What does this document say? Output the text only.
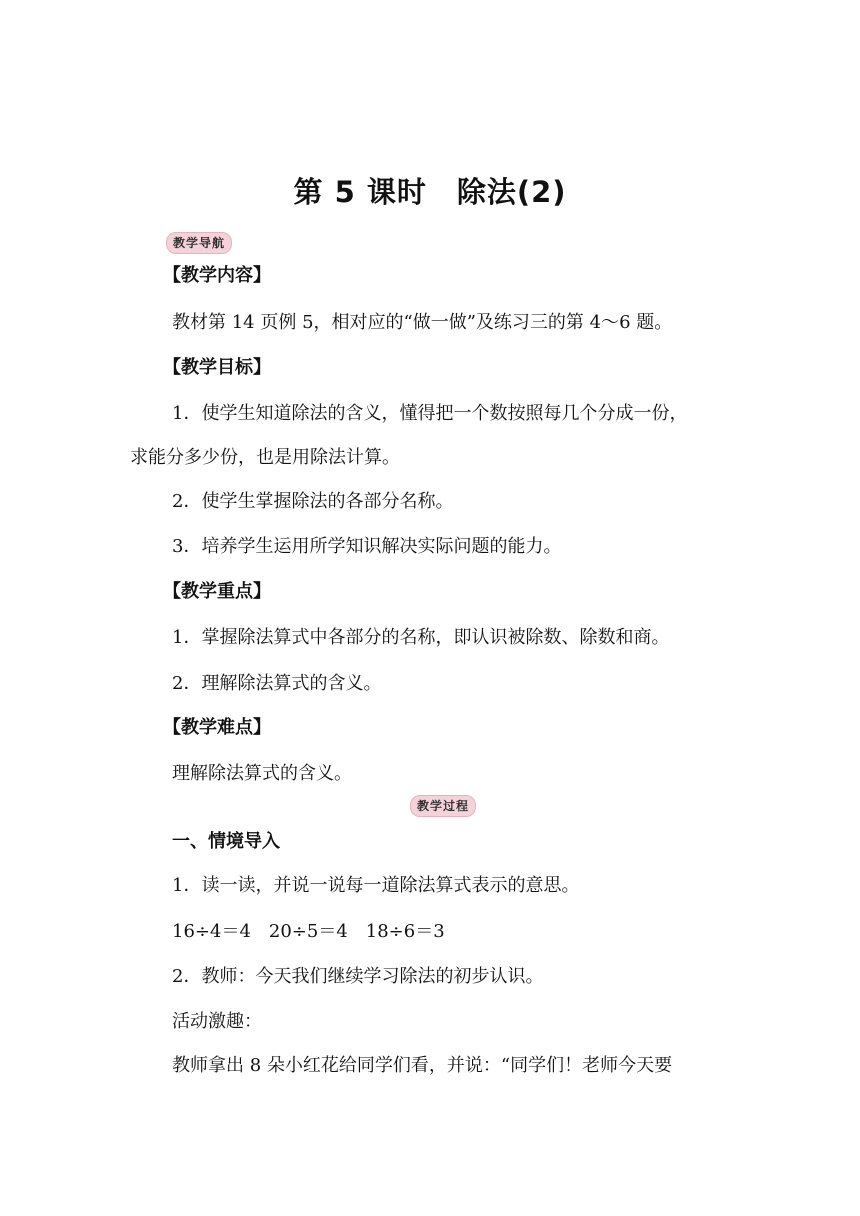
第 5 课时　除法(2)
教学导航
【教学内容】
教材第 14 页例 5，相对应的“做一做”及练习三的第 4～6 题。
【教学目标】
1．使学生知道除法的含义，懂得把一个数按照每几个分成一份，
求能分多少份，也是用除法计算。
2．使学生掌握除法的各部分名称。
3．培养学生运用所学知识解决实际问题的能力。
【教学重点】
1．掌握除法算式中各部分的名称，即认识被除数、除数和商。
2．理解除法算式的含义。
【教学难点】
理解除法算式的含义。
教学过程
一、情境导入
1．读一读，并说一说每一道除法算式表示的意思。
16÷4＝4　20÷5＝4　18÷6＝3
2．教师：今天我们继续学习除法的初步认识。
活动激趣：
教师拿出 8 朵小红花给同学们看，并说：“同学们！老师今天要
